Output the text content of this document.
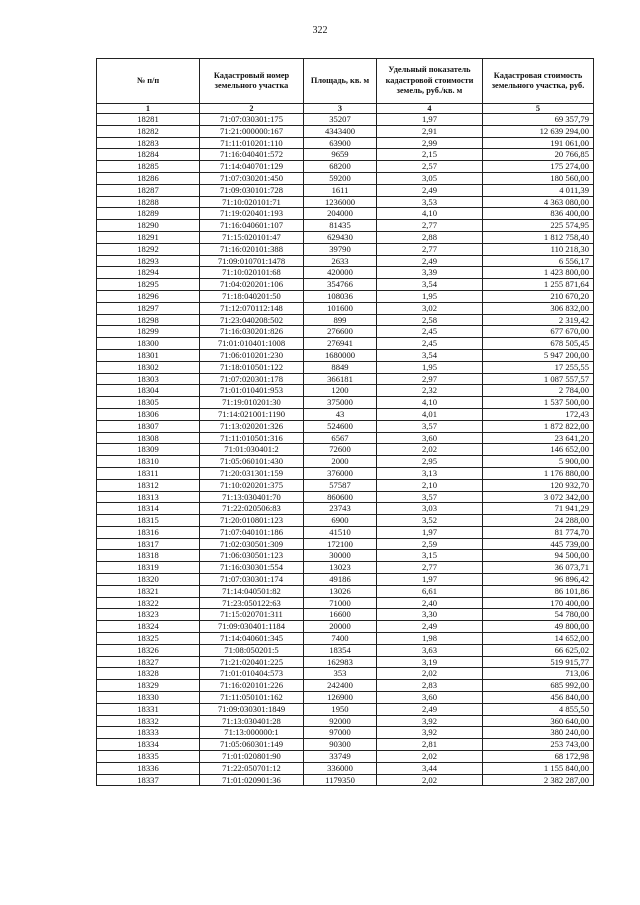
322
№ п/п	Кадастровый номер земельного участка	Площадь, кв. м	Удельный показатель кадастровой стоимости земель, руб./кв. м	Кадастровая стоимость земельного участка, руб.
1	2	3	4	5
18281	71:07:030301:175	35207	1,97	69 357,79
18282	71:21:000000:167	4343400	2,91	12 639 294,00
18283	71:11:010201:110	63900	2,99	191 061,00
18284	71:16:040401:572	9659	2,15	20 766,85
18285	71:14:040701:129	68200	2,57	175 274,00
18286	71:07:030201:450	59200	3,05	180 560,00
18287	71:09:030101:728	1611	2,49	4 011,39
18288	71:10:020101:71	1236000	3,53	4 363 080,00
18289	71:19:020401:193	204000	4,10	836 400,00
18290	71:16:040601:107	81435	2,77	225 574,95
18291	71:15:020101:47	629430	2,88	1 812 758,40
18292	71:16:020101:388	39790	2,77	110 218,30
18293	71:09:010701:1478	2633	2,49	6 556,17
18294	71:10:020101:68	420000	3,39	1 423 800,00
18295	71:04:020201:106	354766	3,54	1 255 871,64
18296	71:18:040201:50	108036	1,95	210 670,20
18297	71:12:070112:148	101600	3,02	306 832,00
18298	71:23:040208:502	899	2,58	2 319,42
18299	71:16:030201:826	276600	2,45	677 670,00
18300	71:01:010401:1008	276941	2,45	678 505,45
18301	71:06:010201:230	1680000	3,54	5 947 200,00
18302	71:18:010501:122	8849	1,95	17 255,55
18303	71:07:020301:178	366181	2,97	1 087 557,57
18304	71:01:010401:953	1200	2,32	2 784,00
18305	71:19:010201:30	375000	4,10	1 537 500,00
18306	71:14:021001:1190	43	4,01	172,43
18307	71:13:020201:326	524600	3,57	1 872 822,00
18308	71:11:010501:316	6567	3,60	23 641,20
18309	71:01:030401:2	72600	2,02	146 652,00
18310	71:05:060101:430	2000	2,95	5 900,00
18311	71:20:031301:159	376000	3,13	1 176 880,00
18312	71:10:020201:375	57587	2,10	120 932,70
18313	71:13:030401:70	860600	3,57	3 072 342,00
18314	71:22:020506:83	23743	3,03	71 941,29
18315	71:20:010801:123	6900	3,52	24 288,00
18316	71:07:040101:186	41510	1,97	81 774,70
18317	71:02:030501:309	172100	2,59	445 739,00
18318	71:06:030501:123	30000	3,15	94 500,00
18319	71:16:030301:554	13023	2,77	36 073,71
18320	71:07:030301:174	49186	1,97	96 896,42
18321	71:14:040501:82	13026	6,61	86 101,86
18322	71:23:050122:63	71000	2,40	170 400,00
18323	71:15:020701:311	16600	3,30	54 780,00
18324	71:09:030401:1184	20000	2,49	49 800,00
18325	71:14:040601:345	7400	1,98	14 652,00
18326	71:08:050201:5	18354	3,63	66 625,02
18327	71:21:020401:225	162983	3,19	519 915,77
18328	71:01:010404:573	353	2,02	713,06
18329	71:16:020101:226	242400	2,83	685 992,00
18330	71:11:050101:162	126900	3,60	456 840,00
18331	71:09:030301:1849	1950	2,49	4 855,50
18332	71:13:030401:28	92000	3,92	360 640,00
18333	71:13:000000:1	97000	3,92	380 240,00
18334	71:05:060301:149	90300	2,81	253 743,00
18335	71:01:020801:90	33749	2,02	68 172,98
18336	71:22:050701:12	336000	3,44	1 155 840,00
18337	71:01:020901:36	1179350	2,02	2 382 287,00
